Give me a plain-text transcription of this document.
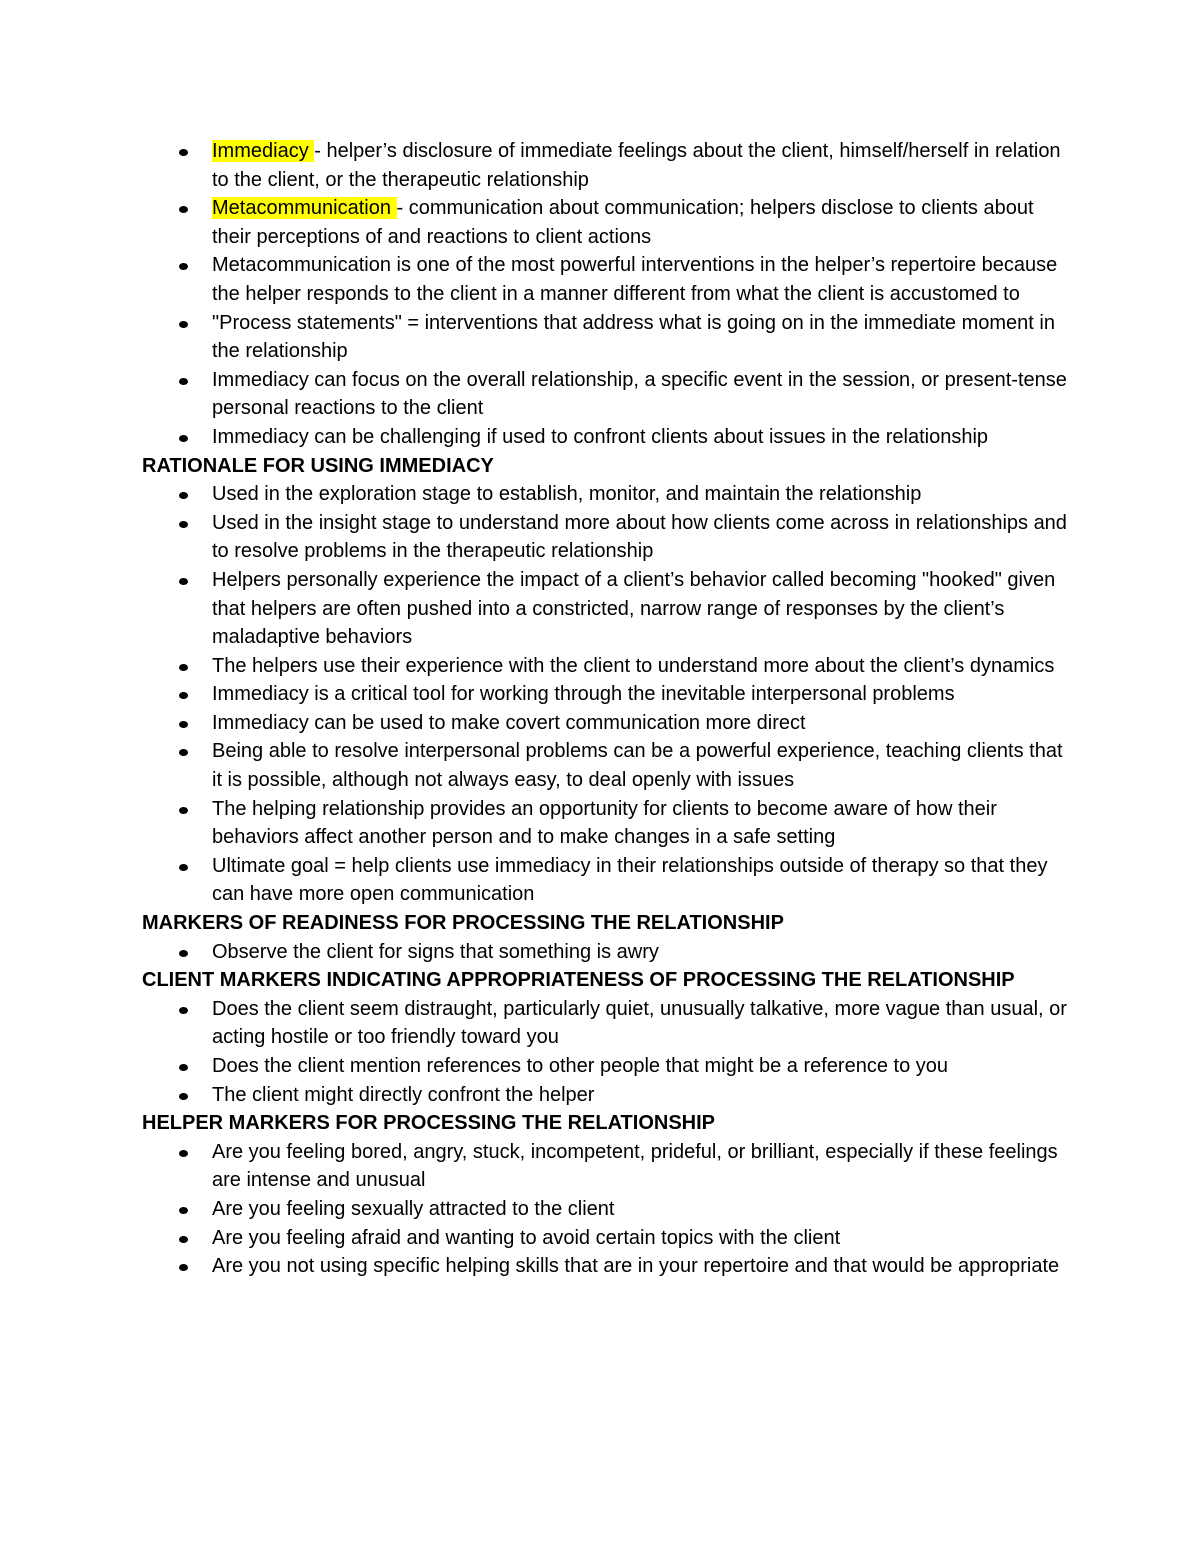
Immediacy - helper’s disclosure of immediate feelings about the client, himself/herself in relation to the client, or the therapeutic relationship
Metacommunication - communication about communication; helpers disclose to clients about their perceptions of and reactions to client actions
Metacommunication is one of the most powerful interventions in the helper’s repertoire because the helper responds to the client in a manner different from what the client is accustomed to
"Process statements" = interventions that address what is going on in the immediate moment in the relationship
Immediacy can focus on the overall relationship, a specific event in the session, or present-tense personal reactions to the client
Immediacy can be challenging if used to confront clients about issues in the relationship

RATIONALE FOR USING IMMEDIACY

Used in the exploration stage to establish, monitor, and maintain the relationship
Used in the insight stage to understand more about how clients come across in relationships and to resolve problems in the therapeutic relationship
Helpers personally experience the impact of a client’s behavior called becoming "hooked" given that helpers are often pushed into a constricted, narrow range of responses by the client’s maladaptive behaviors
The helpers use their experience with the client to understand more about the client’s dynamics
Immediacy is a critical tool for working through the inevitable interpersonal problems
Immediacy can be used to make covert communication more direct
Being able to resolve interpersonal problems can be a powerful experience, teaching clients that it is possible, although not always easy, to deal openly with issues
The helping relationship provides an opportunity for clients to become aware of how their behaviors affect another person and to make changes in a safe setting
Ultimate goal = help clients use immediacy in their relationships outside of therapy so that they can have more open communication

MARKERS OF READINESS FOR PROCESSING THE RELATIONSHIP

Observe the client for signs that something is awry

CLIENT MARKERS INDICATING APPROPRIATENESS OF PROCESSING THE RELATIONSHIP

Does the client seem distraught, particularly quiet, unusually talkative, more vague than usual, or acting hostile or too friendly toward you
Does the client mention references to other people that might be a reference to you
The client might directly confront the helper

HELPER MARKERS FOR PROCESSING THE RELATIONSHIP

Are you feeling bored, angry, stuck, incompetent, prideful, or brilliant, especially if these feelings are intense and unusual
Are you feeling sexually attracted to the client
Are you feeling afraid and wanting to avoid certain topics with the client
Are you not using specific helping skills that are in your repertoire and that would be appropriate
